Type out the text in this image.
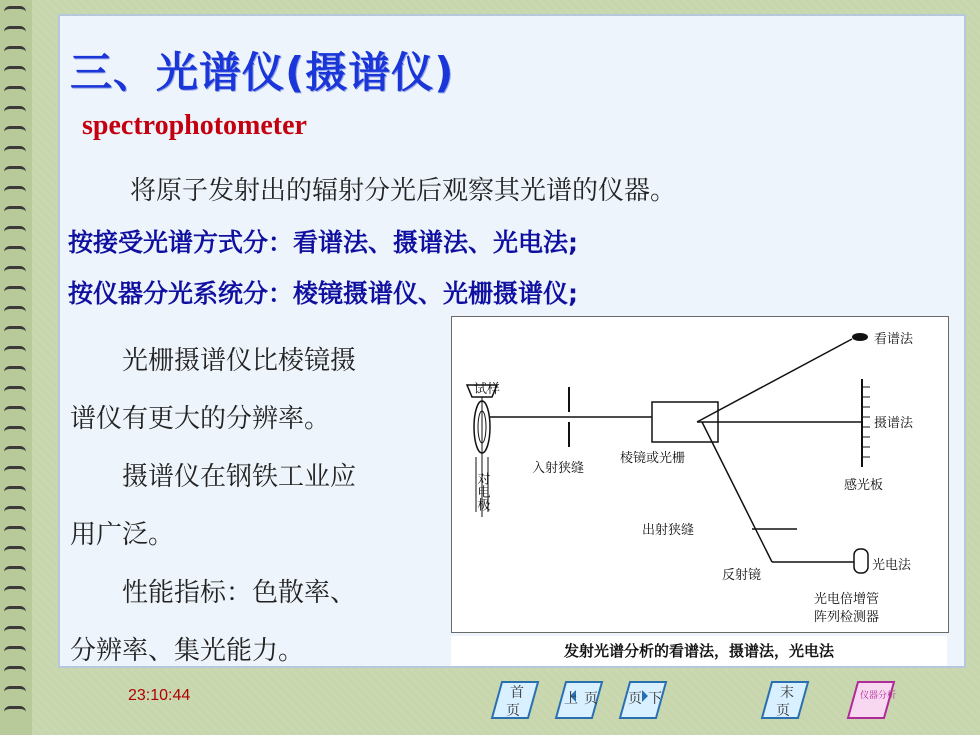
三、光谱仪(摄谱仪)
spectrophotometer
将原子发射出的辐射分光后观察其光谱的仪器。
按接受光谱方式分：看谱法、摄谱法、光电法;
按仪器分光系统分：棱镜摄谱仪、光栅摄谱仪;

光栅摄谱仪比棱镜摄

谱仪有更大的分辨率。

摄谱仪在钢铁工业应

用广泛。

性能指标：色散率、

分辨率、集光能力。
试样
对电极
入射狭缝
棱镜或光栅
看谱法
摄谱法
感光板
出射狭缝
反射镜
光电法
光电倍增管
阵列检测器
发射光谱分析的看谱法，摄谱法，光电法
23:10:44	首
页
上 页 页 下	末
页
仪器分析
